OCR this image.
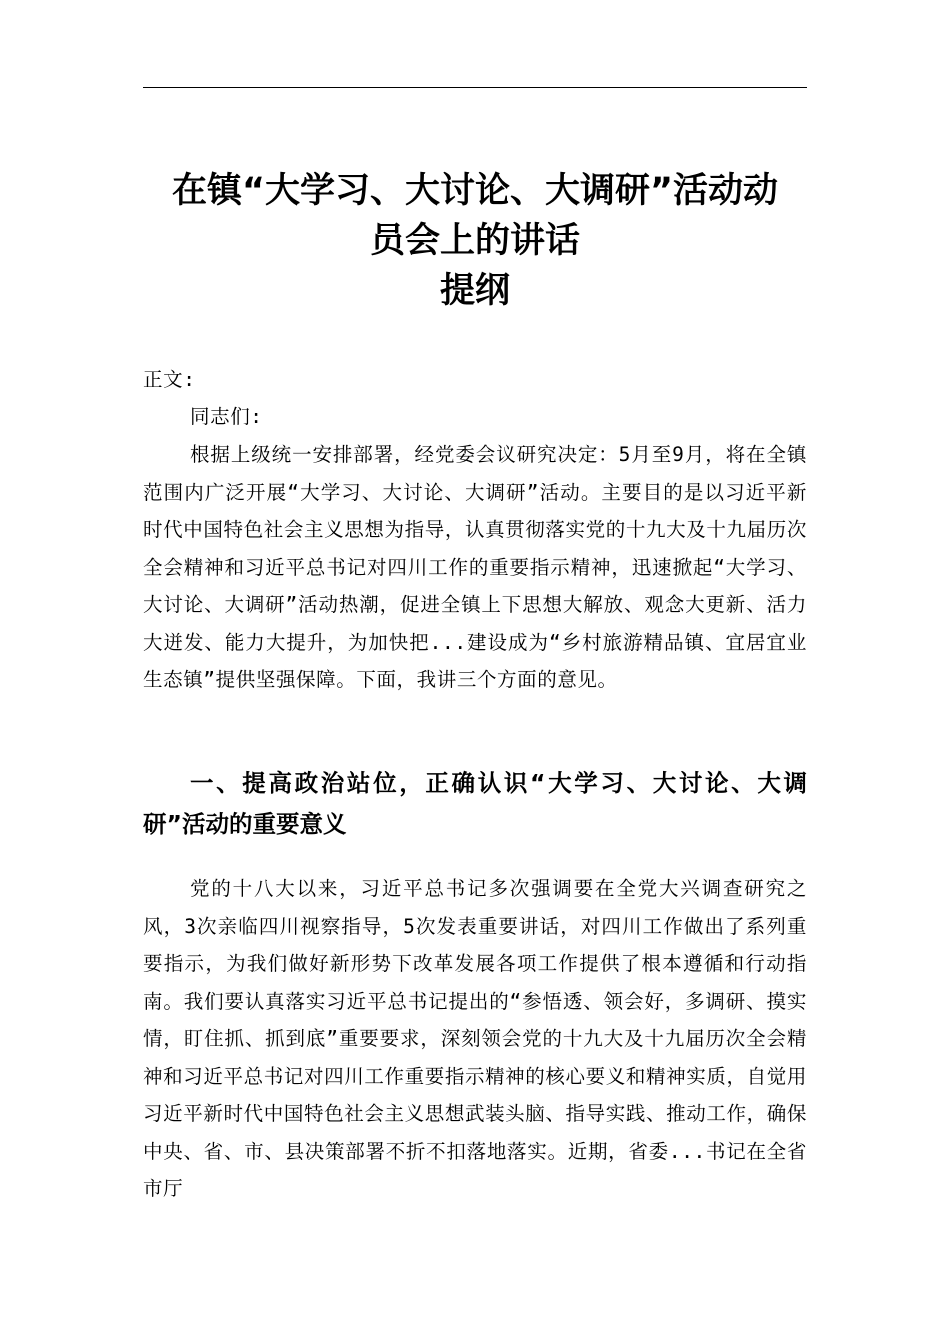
在镇“大学习、大讨论、大调研”活动动
员会上的讲话
提纲
正文:
同志们:
根据上级统一安排部署，经党委会议研究决定：5月至9月，将在全镇范围内广泛开展“大学习、大讨论、大调研”活动。主要目的是以习近平新时代中国特色社会主义思想为指导，认真贯彻落实党的十九大及十九届历次全会精神和习近平总书记对四川工作的重要指示精神，迅速掀起“大学习、大讨论、大调研”活动热潮，促进全镇上下思想大解放、观念大更新、活力大迸发、能力大提升，为加快把...建设成为“乡村旅游精品镇、宜居宜业生态镇”提供坚强保障。下面，我讲三个方面的意见。
一、提高政治站位，正确认识“大学习、大讨论、大调研”活动的重要意义
党的十八大以来，习近平总书记多次强调要在全党大兴调查研究之风，3次亲临四川视察指导，5次发表重要讲话，对四川工作做出了系列重要指示，为我们做好新形势下改革发展各项工作提供了根本遵循和行动指南。我们要认真落实习近平总书记提出的“参悟透、领会好，多调研、摸实情，盯住抓、抓到底”重要要求，深刻领会党的十九大及十九届历次全会精神和习近平总书记对四川工作重要指示精神的核心要义和精神实质，自觉用习近平新时代中国特色社会主义思想武装头脑、指导实践、推动工作，确保中央、省、市、县决策部署不折不扣落地落实。近期，省委...书记在全省市厅
